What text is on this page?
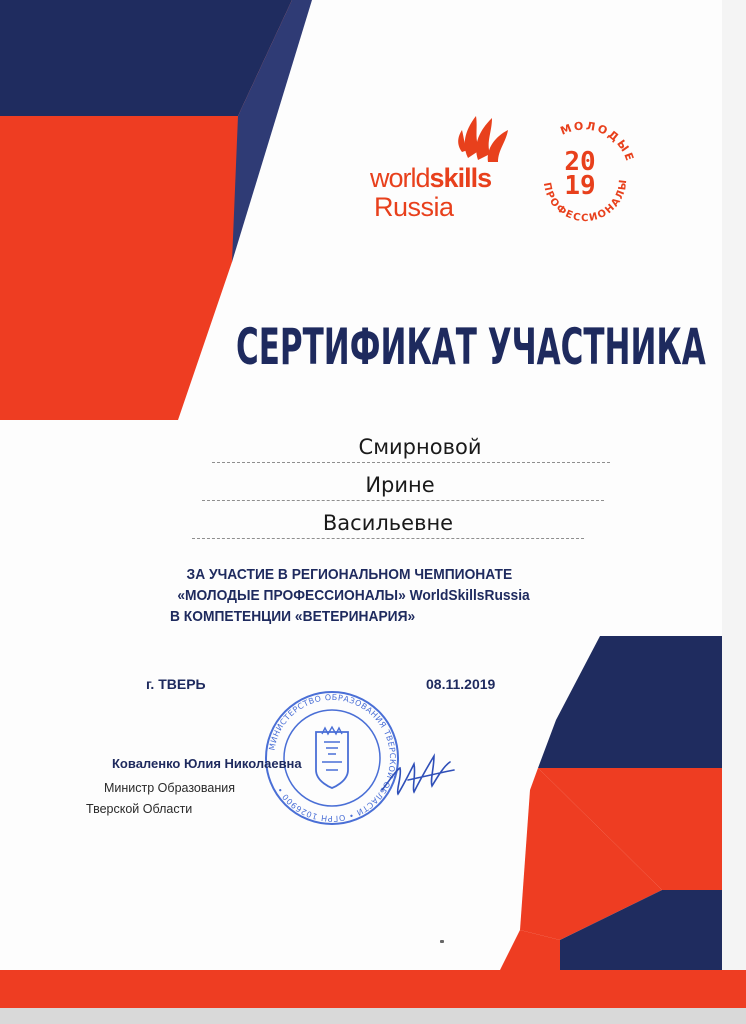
worldskills
Russia
МОЛОДЫЕ
ПРОФЕССИОНАЛЫ
20
19
СЕРТИФИКАТ УЧАСТНИКА
Смирновой
Ирине
Васильевне
ЗА УЧАСТИЕ В РЕГИОНАЛЬНОМ ЧЕМПИОНАТЕ
«МОЛОДЫЕ ПРОФЕССИОНАЛЫ» WorldSkillsRussia
В КОМПЕТЕНЦИИ «ВЕТЕРИНАРИЯ»
г. ТВЕРЬ	08.11.2019
МИНИСТЕРСТВО ОБРАЗОВАНИЯ ТВЕРСКОЙ ОБЛАСТИ • ОГРН 1026900 •
Коваленко Юлия Николаевна
Министр Образования
Тверской Области
